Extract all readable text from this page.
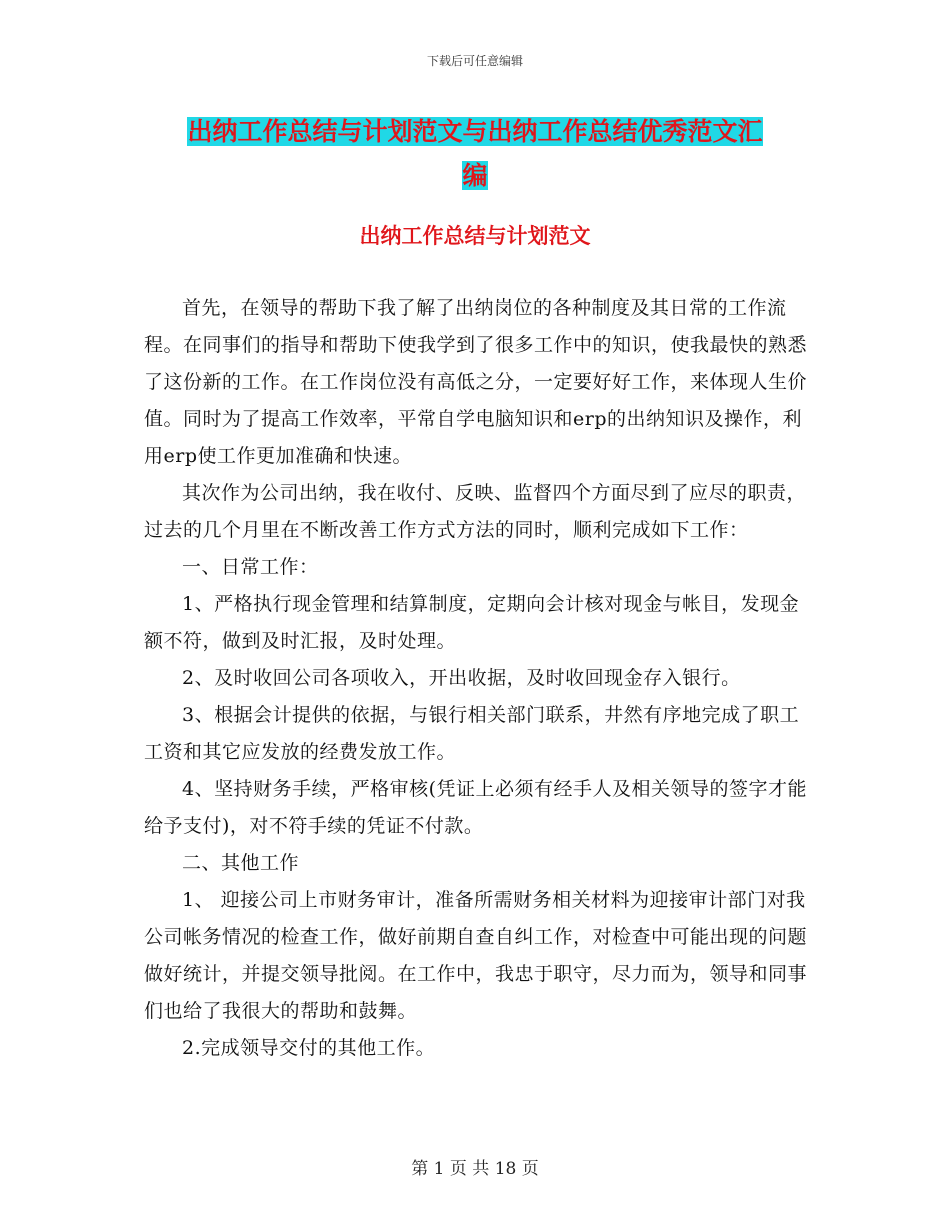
下载后可任意编辑
出纳工作总结与计划范文与出纳工作总结优秀范文汇
编
出纳工作总结与计划范文

首先，在领导的帮助下我了解了出纳岗位的各种制度及其日常的工作流程。在同事们的指导和帮助下使我学到了很多工作中的知识，使我最快的熟悉了这份新的工作。在工作岗位没有高低之分，一定要好好工作，来体现人生价值。同时为了提高工作效率，平常自学电脑知识和erp的出纳知识及操作，利用erp使工作更加准确和快速。

其次作为公司出纳，我在收付、反映、监督四个方面尽到了应尽的职责，过去的几个月里在不断改善工作方式方法的同时，顺利完成如下工作：

一、日常工作：

1、严格执行现金管理和结算制度，定期向会计核对现金与帐目，发现金额不符，做到及时汇报，及时处理。

2、及时收回公司各项收入，开出收据，及时收回现金存入银行。

3、根据会计提供的依据，与银行相关部门联系，井然有序地完成了职工工资和其它应发放的经费发放工作。

4、坚持财务手续，严格审核(凭证上必须有经手人及相关领导的签字才能给予支付)，对不符手续的凭证不付款。

二、其他工作

1、 迎接公司上市财务审计，准备所需财务相关材料为迎接审计部门对我公司帐务情况的检查工作，做好前期自查自纠工作，对检查中可能出现的问题做好统计，并提交领导批阅。在工作中，我忠于职守，尽力而为，领导和同事们也给了我很大的帮助和鼓舞。

2.完成领导交付的其他工作。

第 1 页 共 18 页
